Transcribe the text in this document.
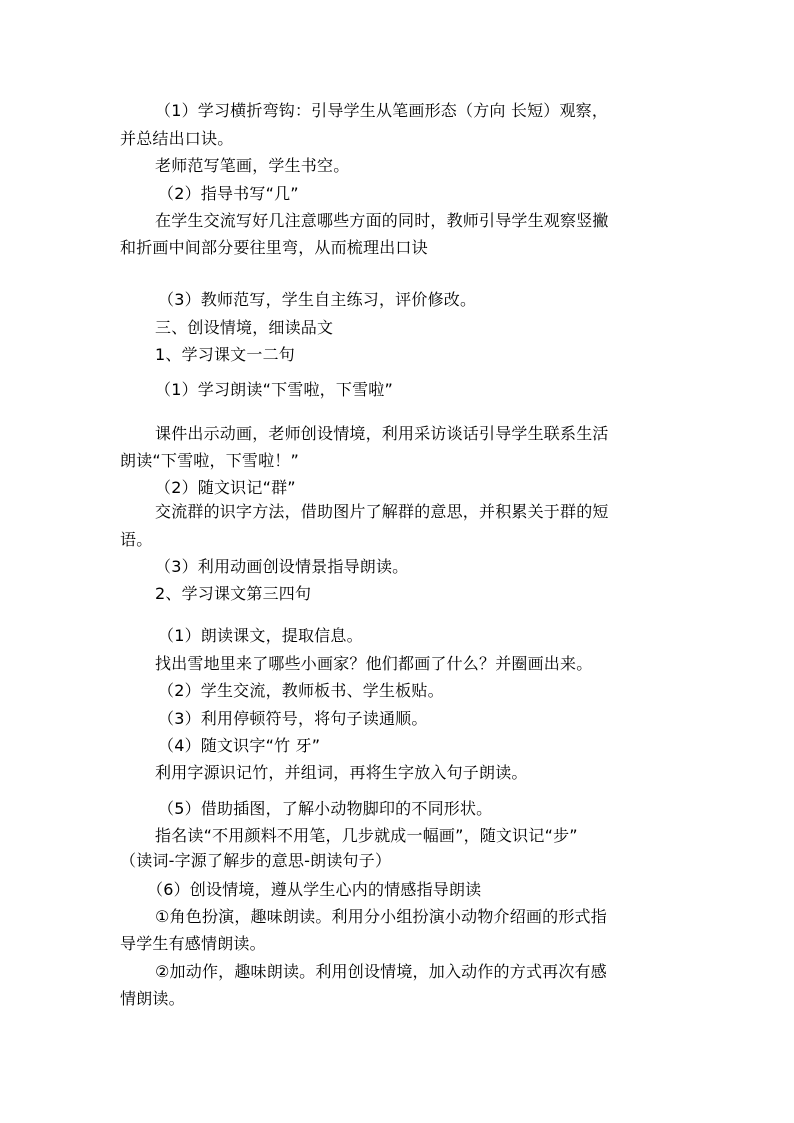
（1）学习横折弯钩：引导学生从笔画形态（方向 长短）观察，
并总结出口诀。
老师范写笔画，学生书空。
（2）指导书写“几”
在学生交流写好几注意哪些方面的同时，教师引导学生观察竖撇
和折画中间部分要往里弯，从而梳理出口诀
（3）教师范写，学生自主练习，评价修改。
三、创设情境，细读品文
1、学习课文一二句
（1）学习朗读“下雪啦，下雪啦”
课件出示动画，老师创设情境，利用采访谈话引导学生联系生活
朗读“下雪啦，下雪啦！”
（2）随文识记“群”
交流群的识字方法，借助图片了解群的意思，并积累关于群的短
语。
（3）利用动画创设情景指导朗读。
2、学习课文第三四句
（1）朗读课文，提取信息。
找出雪地里来了哪些小画家？他们都画了什么？并圈画出来。
（2）学生交流，教师板书、学生板贴。
（3）利用停顿符号，将句子读通顺。
（4）随文识字“竹 牙”
利用字源识记竹，并组词，再将生字放入句子朗读。
（5）借助插图，了解小动物脚印的不同形状。
指名读“不用颜料不用笔，几步就成一幅画”，随文识记“步”
（读词-字源了解步的意思-朗读句子）
（6）创设情境，遵从学生心内的情感指导朗读
①角色扮演，趣味朗读。利用分小组扮演小动物介绍画的形式指
导学生有感情朗读。
②加动作，趣味朗读。利用创设情境，加入动作的方式再次有感
情朗读。
